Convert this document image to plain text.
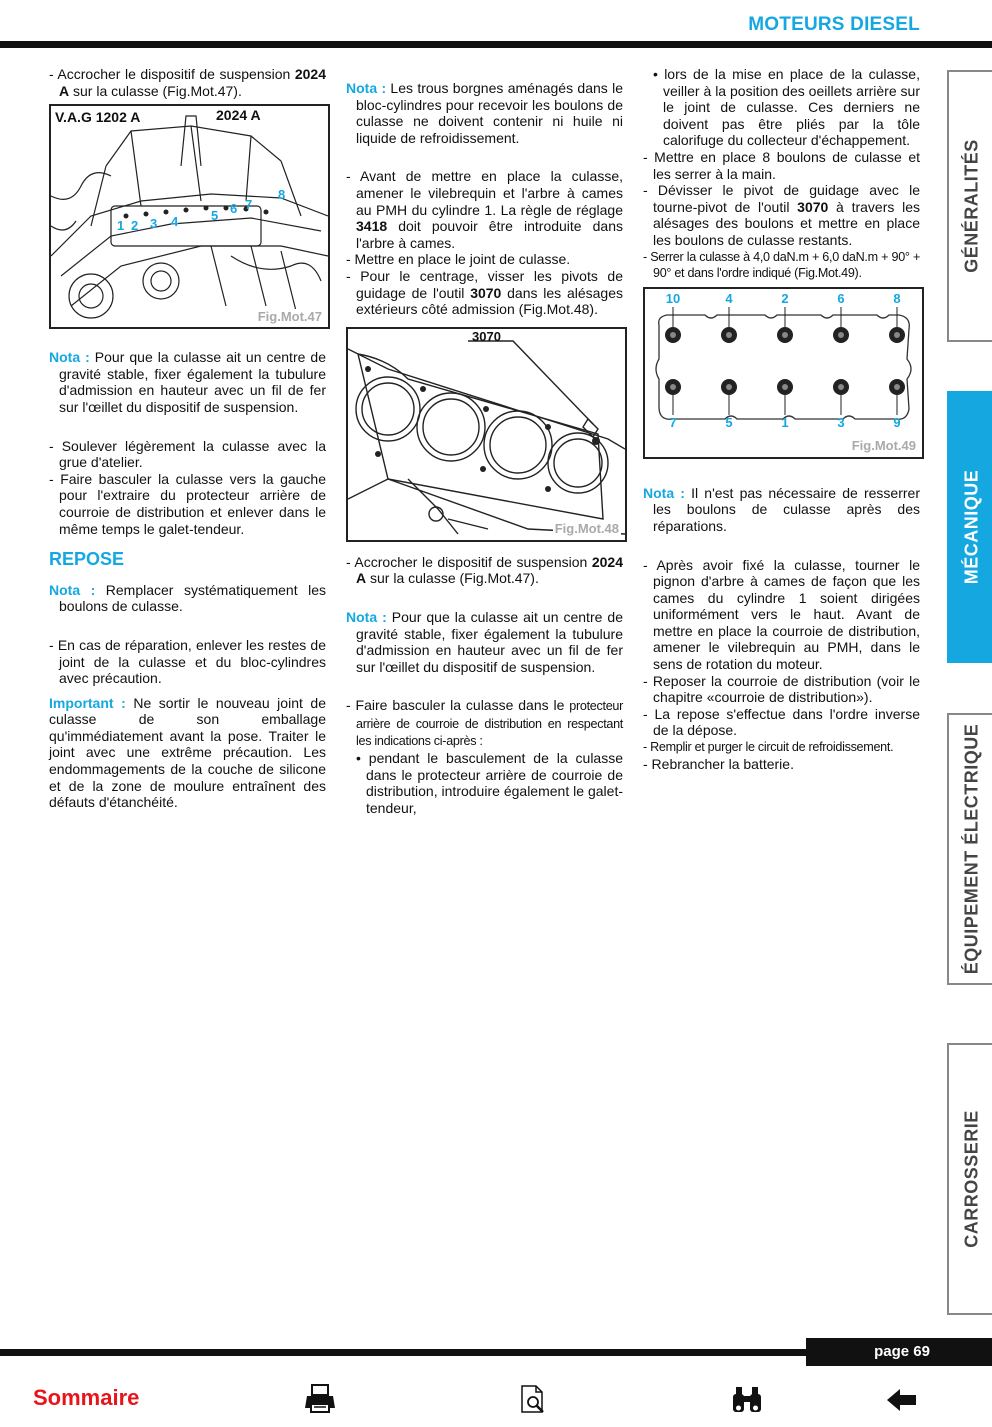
MOTEURS DIESEL

- Accrocher le dispositif de suspension 2024 A sur la culasse (Fig.Mot.47).

V.A.G 1202 A	2024 A
1 2 3 4	5 6 7
8
Fig.Mot.47

Nota : Pour que la culasse ait un centre de gravité stable, fixer également la tubulure d'admission en hauteur avec un fil de fer sur l'œillet du dispositif de suspension.

- Soulever légèrement la culasse avec la grue d'atelier.

- Faire basculer la culasse vers la gauche pour l'extraire du protecteur arrière de courroie de distribution et enlever dans le même temps le galet-tendeur.

REPOSE

Nota : Remplacer systématiquement les boulons de culasse.

- En cas de réparation, enlever les restes de joint de la culasse et du bloc-cylindres avec précaution.

Important : Ne sortir le nouveau joint de culasse de son emballage qu'immédiatement avant la pose. Traiter le joint avec une extrême précaution. Les endommagements de la couche de silicone et de la zone de moulure entraînent des défauts d'étanchéité.

Nota : Les trous borgnes aménagés dans le bloc-cylindres pour recevoir les boulons de culasse ne doivent contenir ni huile ni liquide de refroidissement.

- Avant de mettre en place la culasse, amener le vilebrequin et l'arbre à cames au PMH du cylindre 1. La règle de réglage 3418 doit pouvoir être introduite dans l'arbre à cames.

- Mettre en place le joint de culasse.

- Pour le centrage, visser les pivots de guidage de l'outil 3070 dans les alésages extérieurs côté admission (Fig.Mot.48).

3070
Fig.Mot.48

- Accrocher le dispositif de suspension 2024 A sur la culasse (Fig.Mot.47).

Nota : Pour que la culasse ait un centre de gravité stable, fixer également la tubulure d'admission en hauteur avec un fil de fer sur l'œillet du dispositif de suspension.

- Faire basculer la culasse dans le protecteur arrière de courroie de distribution en respectant les indications ci-après :

• pendant le basculement de la culasse dans le protecteur arrière de courroie de distribution, introduire également le galet-tendeur,

• lors de la mise en place de la culasse, veiller à la position des oeillets arrière sur le joint de culasse. Ces derniers ne doivent pas être pliés par la tôle calorifuge du collecteur d'échappement.

- Mettre en place 8 boulons de culasse et les serrer à la main.

- Dévisser le pivot de guidage avec le tourne-pivot de l'outil 3070 à travers les alésages des boulons et mettre en place les boulons de culasse restants.

- Serrer la culasse à 4,0 daN.m + 6,0 daN.m + 90° + 90° et dans l'ordre indiqué (Fig.Mot.49).

10	4	2	6	8
7	5	1	3	9
Fig.Mot.49

Nota : Il n'est pas nécessaire de resserrer les boulons de culasse après des réparations.

- Après avoir fixé la culasse, tourner le pignon d'arbre à cames de façon que les cames du cylindre 1 soient dirigées uniformément vers le haut. Avant de mettre en place la courroie de distribution, amener le vilebrequin au PMH, dans le sens de rotation du moteur.

- Reposer la courroie de distribution (voir le chapitre «courroie de distribution»).

- La repose s'effectue dans l'ordre inverse de la dépose.

- Remplir et purger le circuit de refroidissement.

- Rebrancher la batterie.

GÉNÉRALITÉS
MÉCANIQUE
ÉQUIPEMENT ÉLECTRIQUE
CARROSSERIE
page 69
Sommaire
